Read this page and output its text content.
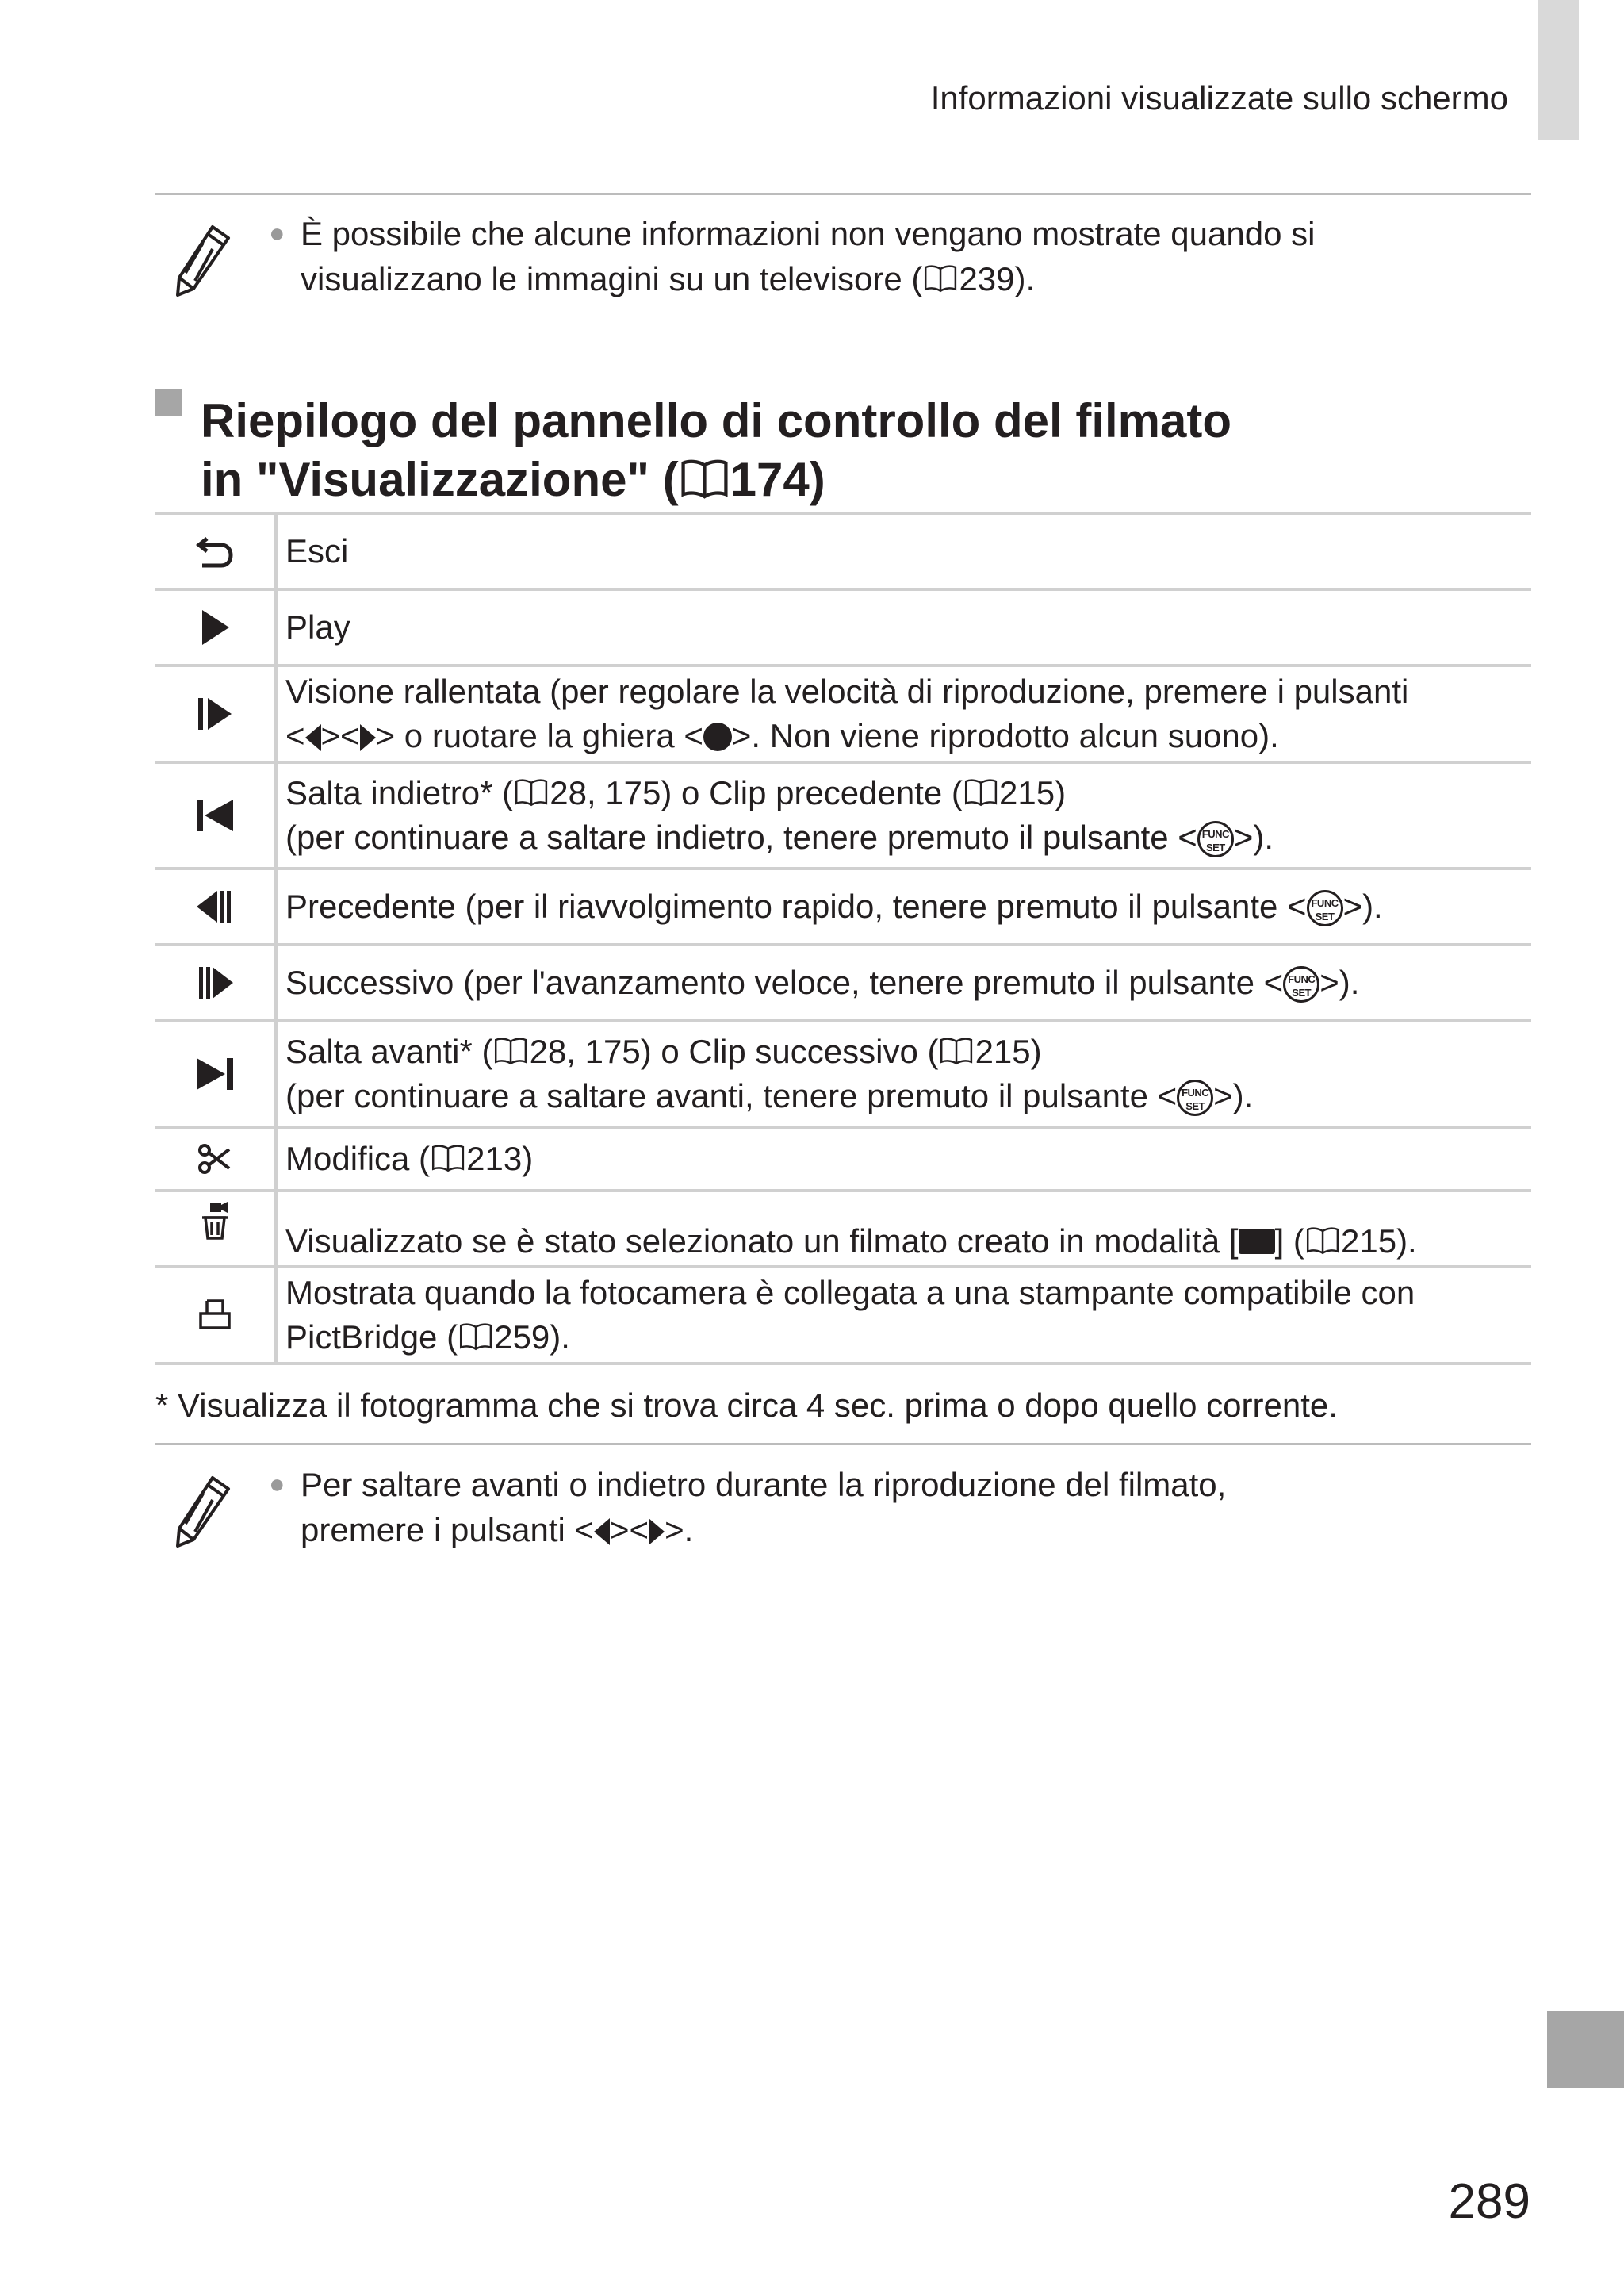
Informazioni visualizzate sullo schermo
● È possibile che alcune informazioni non vengano mostrate quando si
visualizzano le immagini su un televisore ( 239).
Riepilogo del pannello di controllo del filmato
in "Visualizzazione" ( 174)
	Esci

	Play

Visione rallentata (per regolare la velocità di riproduzione, premere i pulsanti
< >< > o ruotare la ghiera < >. Non viene riprodotto alcun suono).

Salta indietro* ( 28, 175) o Clip precedente ( 215)
(per continuare a saltare indietro, tenere premuto il pulsante < FUNC
SET >).

	Precedente (per il riavvolgimento rapido, tenere premuto il pulsante < FUNC
SET >).

	Successivo (per l'avanzamento veloce, tenere premuto il pulsante < FUNC
SET >).

Salta avanti* ( 28, 175) o Clip successivo ( 215)
(per continuare a saltare avanti, tenere premuto il pulsante < FUNC
SET >).

	Modifica ( 213)

	Visualizzato se è stato selezionato un filmato creato in modalità [ ] ( 215).

Mostrata quando la fotocamera è collegata a una stampante compatibile con
PictBridge ( 259).
* Visualizza il fotogramma che si trova circa 4 sec. prima o dopo quello corrente.
● Per saltare avanti o indietro durante la riproduzione del filmato,
premere i pulsanti < >< >.
289
